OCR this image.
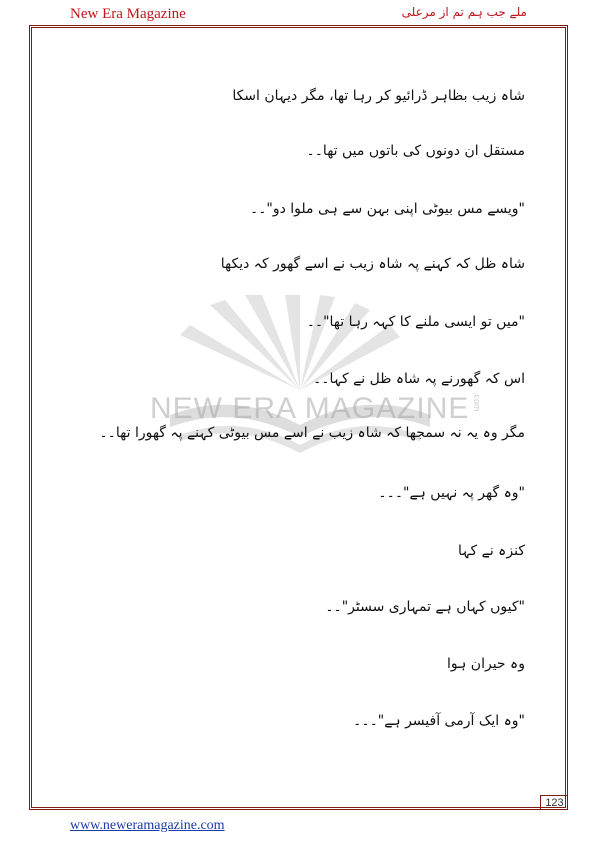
New Era Magazine	ملے جب ہم تم از مرعلی
NEW ERA MAGAZINE .com
شاہ زیب بظاہر ڈرائیو کر رہا تھا، مگر دیہان اسکا
مستقل ان دونوں کی باتوں میں تھا۔۔
"ویسے مس بیوٹی اپنی بہن سے ہی ملوا دو"۔۔
شاہ ظل کہ کہنے پہ شاہ زیب نے اسے گھور کہ دیکھا
"میں تو ایسی ملنے کا کہہ رہا تھا"۔۔
اس کہ گھورنے پہ شاہ ظل نے کہا۔۔
مگر وہ یہ نہ سمجھا کہ شاہ زیب نے اسے مس بیوٹی کہنے پہ گھورا تھا۔۔
"وہ گھر پہ نہیں ہے"۔۔۔
کنزہ نے کہا
"کیوں کہاں ہے تمہاری سسٹر"۔۔
وہ حیران ہوا
"وہ ایک آرمی آفیسر ہے"۔۔۔
123
www.neweramagazine.com
